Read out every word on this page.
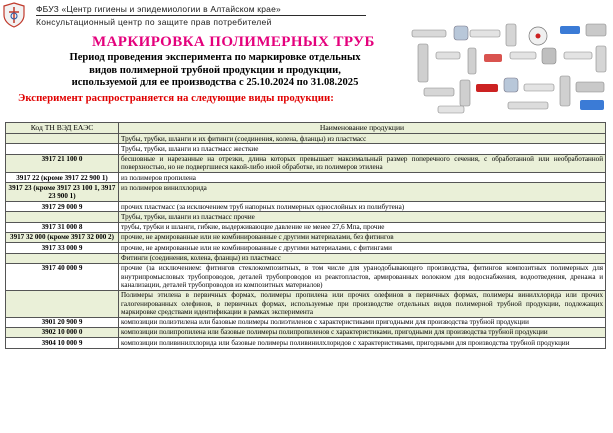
ФБУЗ «Центр гигиены и эпидемиологии в Алтайском крае»
Консультационный центр по защите прав потребителей
МАРКИРОВКА ПОЛИМЕРНЫХ ТРУБ
Период проведения эксперимента по маркировке отдельных
видов полимерной трубной продукции и продукции,
используемой для ее производства с 25.10.2024 по 31.08.2025
Эксперимент распространяется на следующие виды продукции:
Код ТН ВЭД ЕАЭС	Наименование продукции
	Трубы, трубки, шланги и их фитинги (соединения, колена, фланцы) из пластмасс
	Трубы, трубки, шланги из пластмасс жесткие
3917 21 100 0	бесшовные и нарезанные на отрезки, длина которых превышает максимальный размер поперечного сечения, с обработанной или необработанной поверхностью, но не подвергшиеся какой-либо иной обработке, из полимеров этилена
3917 22 (кроме 3917 22 900 1)	из полимеров пропилена
3917 23 (кроме 3917 23 100 1, 3917 23 900 1)	из полимеров винилхлорида
3917 29 000 9	прочих пластмасс (за исключением труб напорных полимерных однослойных из полибутена)
	Трубы, трубки, шланги из пластмасс прочие
3917 31 000 8	трубы, трубки и шланги, гибкие, выдерживающие давление не менее 27,6 Мпа, прочие
3917 32 000 (кроме 3917 32 000 2)	прочие, не армированные или не комбинированные с другими материалами, без фитингов
3917 33 000 9	прочие, не армированные или не комбинированные с другими материалами, с фитингами
	Фитинги (соединения, колена, фланцы) из пластмасс
3917 40 000 9	прочие (за исключением: фитингов стеклокомпозитных, в том числе для уранодобывающего производства, фитингов композитных полимерных для внутрипромысловых трубопроводов, деталей трубопроводов из реактопластов, армированных волокном для водоснабжения, водоотведения, дренажа и канализации, деталей трубопроводов из композитных материалов)
	Полимеры этилена в первичных формах, полимеры пропилена или прочих олефинов в первичных формах, полимеры винилхлорида или прочих галогенированных олефинов, в первичных формах, используемые при производстве отдельных видов полимерной трубной продукции, подлежащих маркировке средствами идентификации в рамках эксперимента
3901 20 900 9	композиции полиэтилена или базовые полимеры полиэтиленов с характеристиками пригодными для производства трубной продукции
3902 10 000 0	композиции полипропилена или базовые полимеры полипропиленов с характеристиками, пригодными для производства трубной продукции
3904 10 000 9	композиции поливинилхлорида или базовые полимеры поливинилхлоридов с характеристиками, пригодными для производства трубной продукции
